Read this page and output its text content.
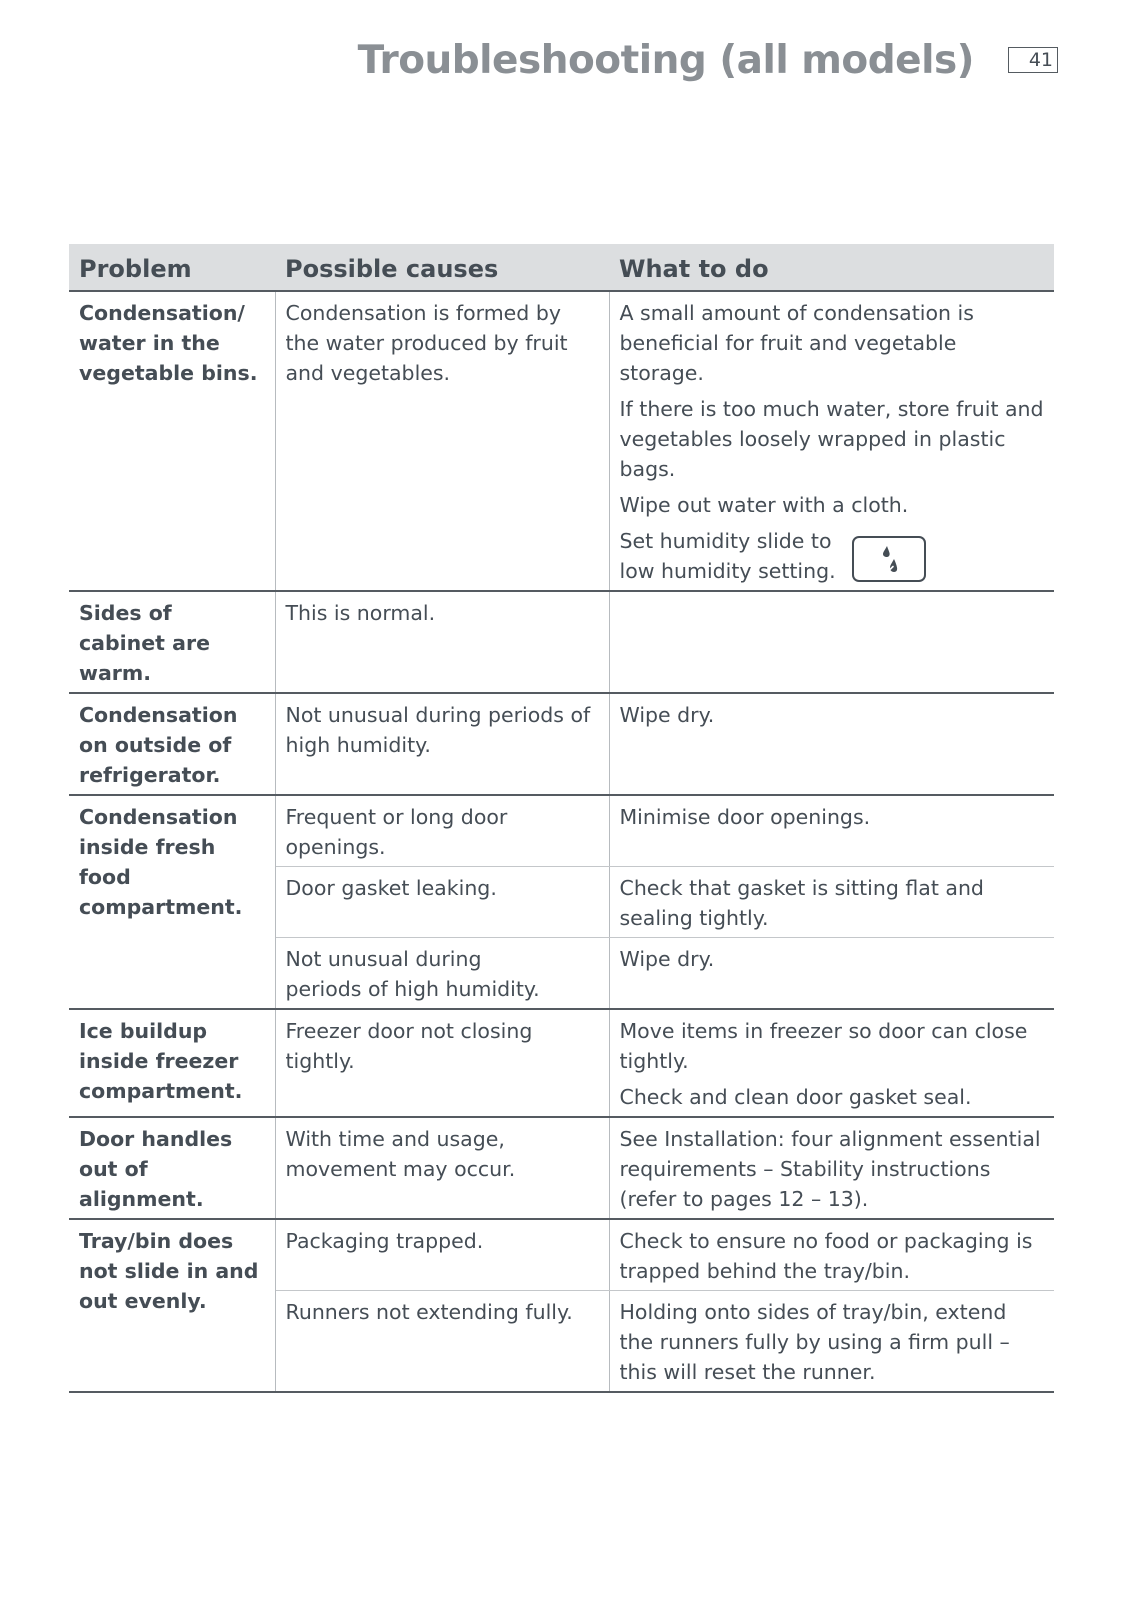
Troubleshooting (all models)	41
Problem	Possible causes	What to do
Condensation/ water in the vegetable bins.	Condensation is formed by the water produced by fruit and vegetables.	A small amount of condensation is beneficial for fruit and vegetable storage.
If there is too much water, store fruit and vegetables loosely wrapped in plastic bags.
Wipe out water with a cloth.
Set humidity slide to low humidity setting.

Sides of cabinet are warm.	This is normal.	
Condensation on outside of refrigerator.	Not unusual during periods of high humidity.	Wipe dry.
Condensation inside fresh food compartment.	Frequent or long door openings.	Minimise door openings.
	Door gasket leaking.	Check that gasket is sitting flat and sealing tightly.
	Not unusual during periods of high humidity.	Wipe dry.
Ice buildup inside freezer compartment.	Freezer door not closing tightly.	Move items in freezer so door can close tightly.
Check and clean door gasket seal.

Door handles out of alignment.	With time and usage, movement may occur.	See Installation: four alignment essential requirements – Stability instructions (refer to pages 12 – 13).
Tray/bin does not slide in and out evenly.	Packaging trapped.	Check to ensure no food or packaging is trapped behind the tray/bin.
	Runners not extending fully.	Holding onto sides of tray/bin, extend the runners fully by using a firm pull – this will reset the runner.
